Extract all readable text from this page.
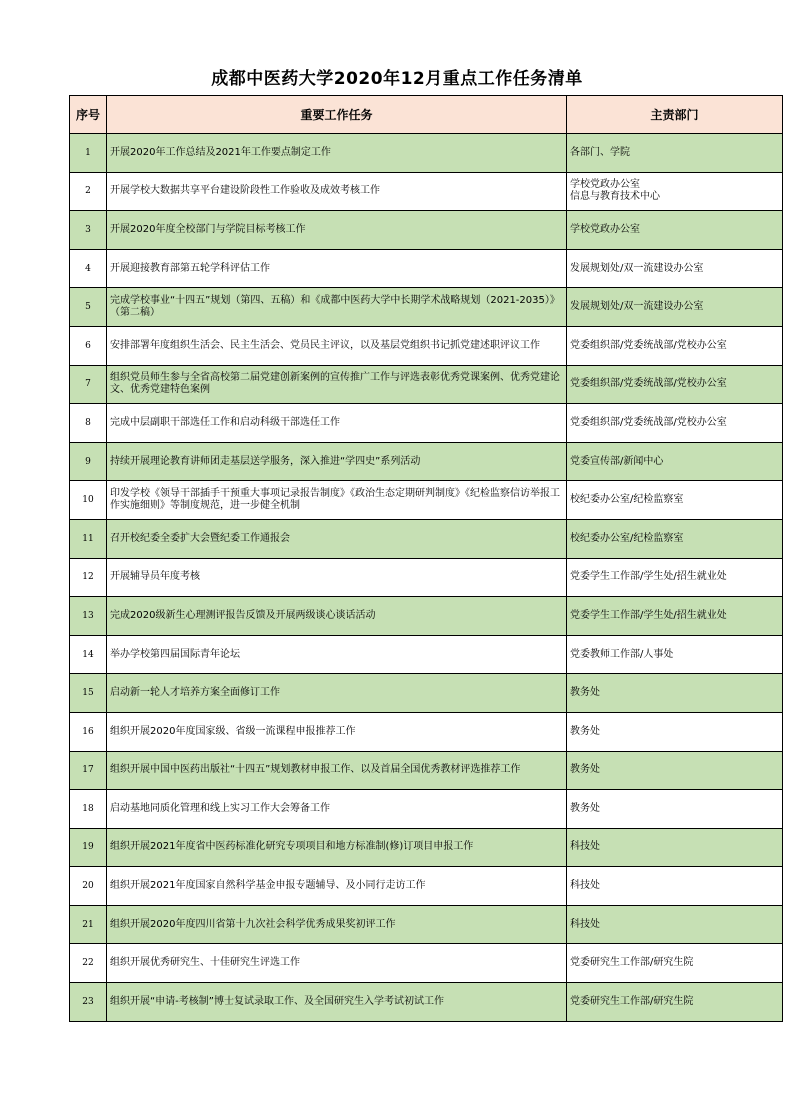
成都中医药大学2020年12月重点工作任务清单
序号	重要工作任务	主责部门
1	开展2020年工作总结及2021年工作要点制定工作	各部门、学院
2	开展学校大数据共享平台建设阶段性工作验收及成效考核工作	学校党政办公室
信息与教育技术中心
3	开展2020年度全校部门与学院目标考核工作	学校党政办公室
4	开展迎接教育部第五轮学科评估工作	发展规划处/双一流建设办公室
5	完成学校事业“十四五”规划（第四、五稿）和《成都中医药大学中长期学术战略规划（2021-2035）》（第二稿）	发展规划处/双一流建设办公室
6	安排部署年度组织生活会、民主生活会、党员民主评议，以及基层党组织书记抓党建述职评议工作	党委组织部/党委统战部/党校办公室
7	组织党员师生参与全省高校第二届党建创新案例的宣传推广工作与评选表彰优秀党课案例、优秀党建论文、优秀党建特色案例	党委组织部/党委统战部/党校办公室
8	完成中层副职干部选任工作和启动科级干部选任工作	党委组织部/党委统战部/党校办公室
9	持续开展理论教育讲师团走基层送学服务，深入推进“学四史”系列活动	党委宣传部/新闻中心
10	印发学校《领导干部插手干预重大事项记录报告制度》《政治生态定期研判制度》《纪检监察信访举报工作实施细则》等制度规范，进一步健全机制	校纪委办公室/纪检监察室
11	召开校纪委全委扩大会暨纪委工作通报会	校纪委办公室/纪检监察室
12	开展辅导员年度考核	党委学生工作部/学生处/招生就业处
13	完成2020级新生心理测评报告反馈及开展两级谈心谈话活动	党委学生工作部/学生处/招生就业处
14	举办学校第四届国际青年论坛	党委教师工作部/人事处
15	启动新一轮人才培养方案全面修订工作	教务处
16	组织开展2020年度国家级、省级一流课程申报推荐工作	教务处
17	组织开展中国中医药出版社“十四五”规划教材申报工作、以及首届全国优秀教材评选推荐工作	教务处
18	启动基地同质化管理和线上实习工作大会筹备工作	教务处
19	组织开展2021年度省中医药标准化研究专项项目和地方标准制(修)订项目申报工作	科技处
20	组织开展2021年度国家自然科学基金申报专题辅导、及小同行走访工作	科技处
21	组织开展2020年度四川省第十九次社会科学优秀成果奖初评工作	科技处
22	组织开展优秀研究生、十佳研究生评选工作	党委研究生工作部/研究生院
23	组织开展“申请-考核制”博士复试录取工作、及全国研究生入学考试初试工作	党委研究生工作部/研究生院
